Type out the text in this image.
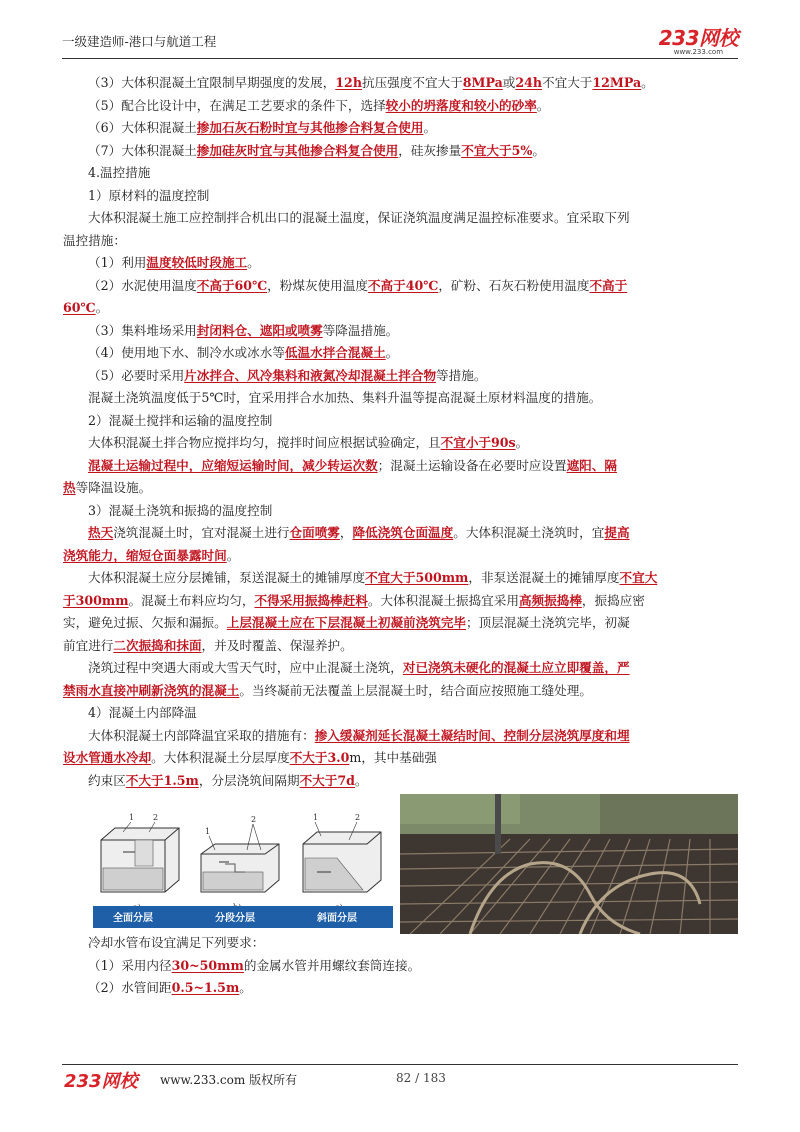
一级建造师-港口与航道工程	233网校
www.233.com
（3）大体积混凝土宜限制早期强度的发展，12h抗压强度不宜大于8MPa或24h不宜大于12MPa。
（5）配合比设计中，在满足工艺要求的条件下，选择较小的坍落度和较小的砂率。
（6）大体积混凝土掺加石灰石粉时宜与其他掺合料复合使用。
（7）大体积混凝土掺加硅灰时宜与其他掺合料复合使用，硅灰掺量不宜大于5%。
4.温控措施
1）原材料的温度控制
大体积混凝土施工应控制拌合机出口的混凝土温度，保证浇筑温度满足温控标准要求。宜采取下列
温控措施：
（1）利用温度较低时段施工。
（2）水泥使用温度不高于60℃，粉煤灰使用温度不高于40℃，矿粉、石灰石粉使用温度不高于
60℃。
（3）集料堆场采用封闭料仓、遮阳或喷雾等降温措施。
（4）使用地下水、制冷水或冰水等低温水拌合混凝土。
（5）必要时采用片冰拌合、风冷集料和液氮冷却混凝土拌合物等措施。
混凝土浇筑温度低于5℃时，宜采用拌合水加热、集料升温等提高混凝土原材料温度的措施。
2）混凝土搅拌和运输的温度控制
大体积混凝土拌合物应搅拌均匀，搅拌时间应根据试验确定，且不宜小于90s。
混凝土运输过程中，应缩短运输时间，减少转运次数；混凝土运输设备在必要时应设置遮阳、隔
热等降温设施。
3）混凝土浇筑和振捣的温度控制
热天浇筑混凝土时，宜对混凝土进行仓面喷雾，降低浇筑仓面温度。大体积混凝土浇筑时，宜提高
浇筑能力，缩短仓面暴露时间。
大体积混凝土应分层摊铺，泵送混凝土的摊铺厚度不宜大于500mm，非泵送混凝土的摊铺厚度不宜大
于300mm。混凝土布料应均匀，不得采用振捣棒赶料。大体积混凝土振捣宜采用高频振捣棒，振捣应密
实，避免过振、欠振和漏振。上层混凝土应在下层混凝土初凝前浇筑完毕；顶层混凝土浇筑完毕，初凝
前宜进行二次振捣和抹面，并及时覆盖、保湿养护。
浇筑过程中突遇大雨或大雪天气时，应中止混凝土浇筑，对已浇筑未硬化的混凝土应立即覆盖，严
禁雨水直接冲刷新浇筑的混凝土。当终凝前无法覆盖上层混凝土时，结合面应按照施工缝处理。
4）混凝土内部降温
大体积混凝土内部降温宜采取的措施有：掺入缓凝剂延长混凝土凝结时间、控制分层浇筑厚度和埋
设水管通水冷却。大体积混凝土分层厚度不大于3.0m，其中基础强
约束区不大于1.5m，分层浇筑间隔期不大于7d。
1 2
1
2	1	2
全面分层	分段分层	斜面分层
冷却水管布设宜满足下列要求：
（1）采用内径30~50mm的金属水管并用螺纹套筒连接。
（2）水管间距0.5~1.5m。
233网校 www.233.com 版权所有	82 / 183
